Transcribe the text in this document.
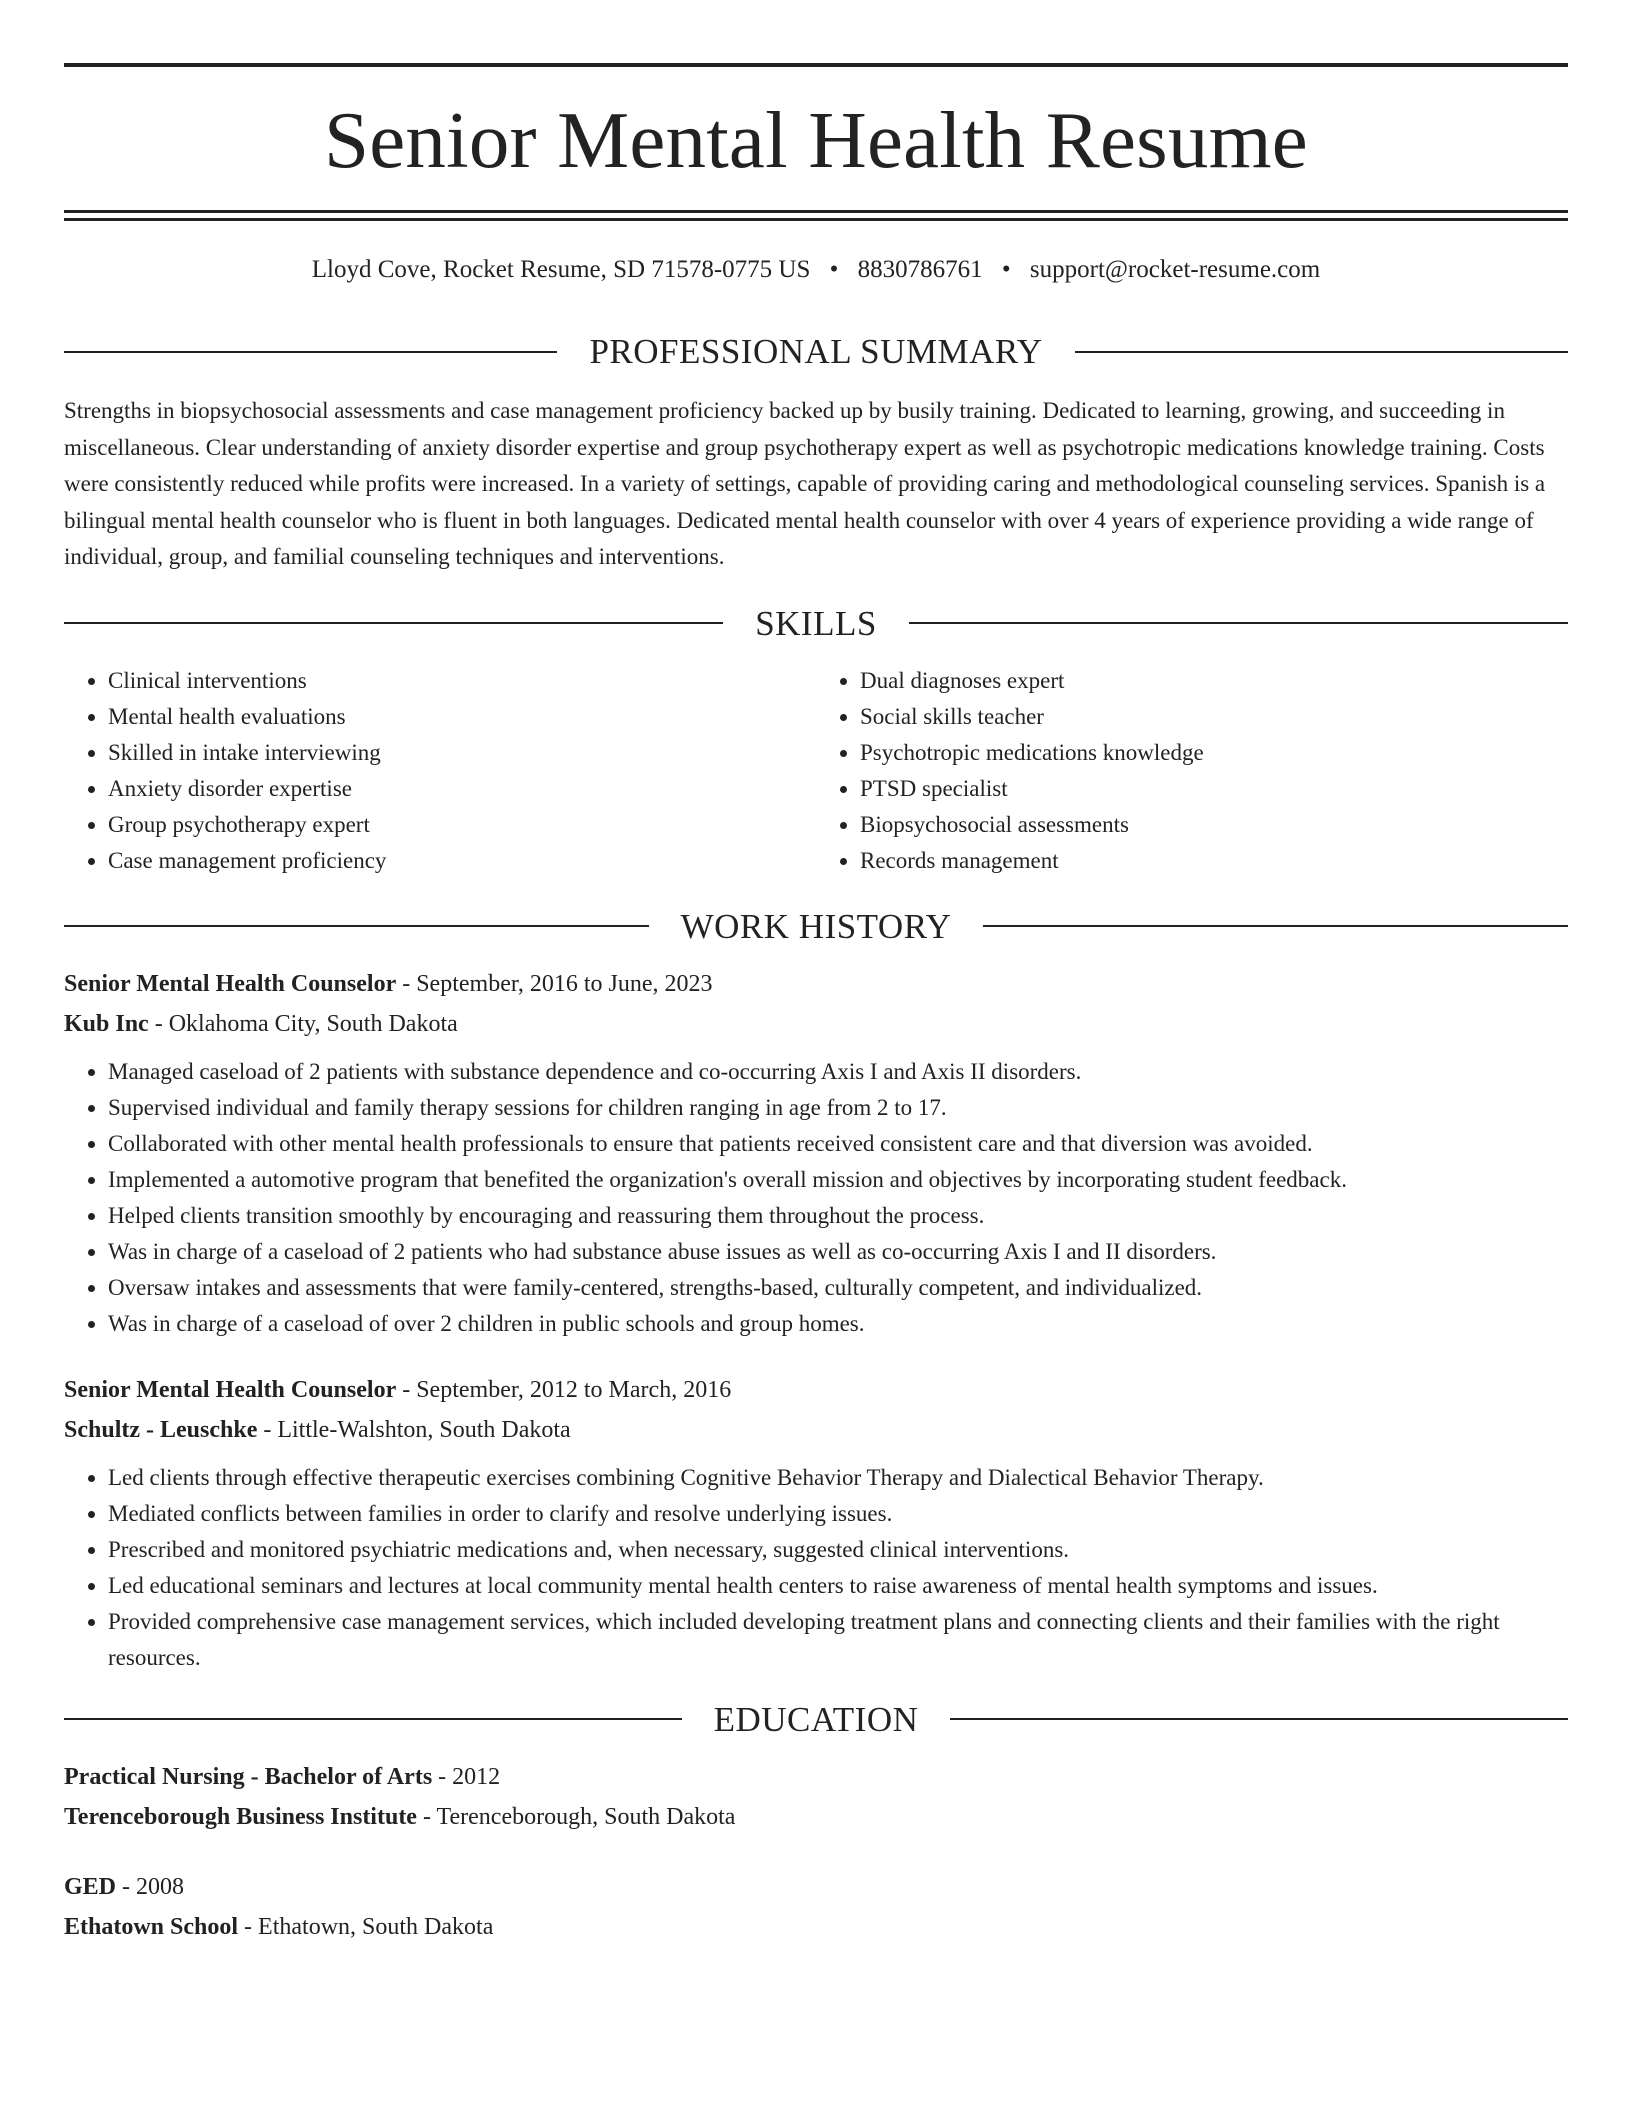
Senior Mental Health Resume
Lloyd Cove, Rocket Resume, SD 71578-0775 US • 8830786761 • support@rocket-resume.com
PROFESSIONAL SUMMARY
Strengths in biopsychosocial assessments and case management proficiency backed up by busily training. Dedicated to learning, growing, and succeeding in miscellaneous. Clear understanding of anxiety disorder expertise and group psychotherapy expert as well as psychotropic medications knowledge training. Costs were consistently reduced while profits were increased. In a variety of settings, capable of providing caring and methodological counseling services. Spanish is a bilingual mental health counselor who is fluent in both languages. Dedicated mental health counselor with over 4 years of experience providing a wide range of individual, group, and familial counseling techniques and interventions.
SKILLS
• Clinical interventions
• Mental health evaluations
• Skilled in intake interviewing
• Anxiety disorder expertise
• Group psychotherapy expert
• Case management proficiency
• Dual diagnoses expert
• Social skills teacher
• Psychotropic medications knowledge
• PTSD specialist
• Biopsychosocial assessments
• Records management
WORK HISTORY
Senior Mental Health Counselor - September, 2016 to June, 2023
Kub Inc - Oklahoma City, South Dakota
• Managed caseload of 2 patients with substance dependence and co-occurring Axis I and Axis II disorders.
• Supervised individual and family therapy sessions for children ranging in age from 2 to 17.
• Collaborated with other mental health professionals to ensure that patients received consistent care and that diversion was avoided.
• Implemented a automotive program that benefited the organization's overall mission and objectives by incorporating student feedback.
• Helped clients transition smoothly by encouraging and reassuring them throughout the process.
• Was in charge of a caseload of 2 patients who had substance abuse issues as well as co-occurring Axis I and II disorders.
• Oversaw intakes and assessments that were family-centered, strengths-based, culturally competent, and individualized.
• Was in charge of a caseload of over 2 children in public schools and group homes.
Senior Mental Health Counselor - September, 2012 to March, 2016
Schultz - Leuschke - Little-Walshton, South Dakota
• Led clients through effective therapeutic exercises combining Cognitive Behavior Therapy and Dialectical Behavior Therapy.
• Mediated conflicts between families in order to clarify and resolve underlying issues.
• Prescribed and monitored psychiatric medications and, when necessary, suggested clinical interventions.
• Led educational seminars and lectures at local community mental health centers to raise awareness of mental health symptoms and issues.
• Provided comprehensive case management services, which included developing treatment plans and connecting clients and their families with the right resources.
EDUCATION
Practical Nursing - Bachelor of Arts - 2012
Terenceborough Business Institute - Terenceborough, South Dakota
GED - 2008
Ethatown School - Ethatown, South Dakota
